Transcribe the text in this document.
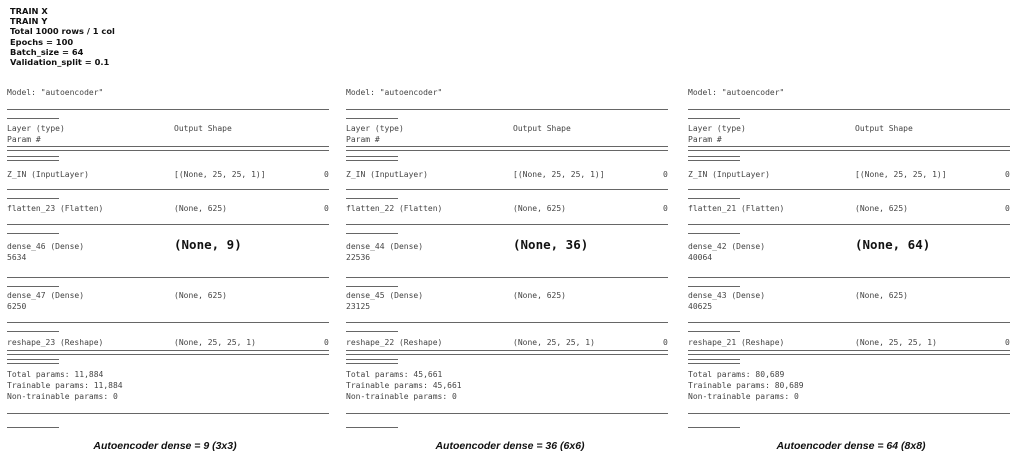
TRAIN X
TRAIN Y
Total 1000 rows / 1 col
Epochs = 100
Batch_size = 64
Validation_split = 0.1
Model: "autoencoder"
Layer (type)	Output Shape
Param #
Z_IN (InputLayer)	[(None, 25, 25, 1)]	0
flatten_23 (Flatten)	(None, 625)	0
dense_46 (Dense)	(None, 9)
5634
dense_47 (Dense)	(None, 625)
6250
reshape_23 (Reshape)	(None, 25, 25, 1)	0
Total params: 11,884
Trainable params: 11,884
Non-trainable params: 0
Model: "autoencoder"
Layer (type)	Output Shape
Param #
Z_IN (InputLayer)	[(None, 25, 25, 1)]	0
flatten_22 (Flatten)	(None, 625)	0
dense_44 (Dense)	(None, 36)
22536
dense_45 (Dense)	(None, 625)
23125
reshape_22 (Reshape)	(None, 25, 25, 1)	0
Total params: 45,661
Trainable params: 45,661
Non-trainable params: 0
Model: "autoencoder"
Layer (type)	Output Shape
Param #
Z_IN (InputLayer)	[(None, 25, 25, 1)]	0
flatten_21 (Flatten)	(None, 625)	0
dense_42 (Dense)	(None, 64)
40064
dense_43 (Dense)	(None, 625)
40625
reshape_21 (Reshape)	(None, 25, 25, 1)	0
Total params: 80,689
Trainable params: 80,689
Non-trainable params: 0
Autoencoder dense = 9 (3x3)	Autoencoder dense = 36 (6x6)	Autoencoder dense = 64 (8x8)
